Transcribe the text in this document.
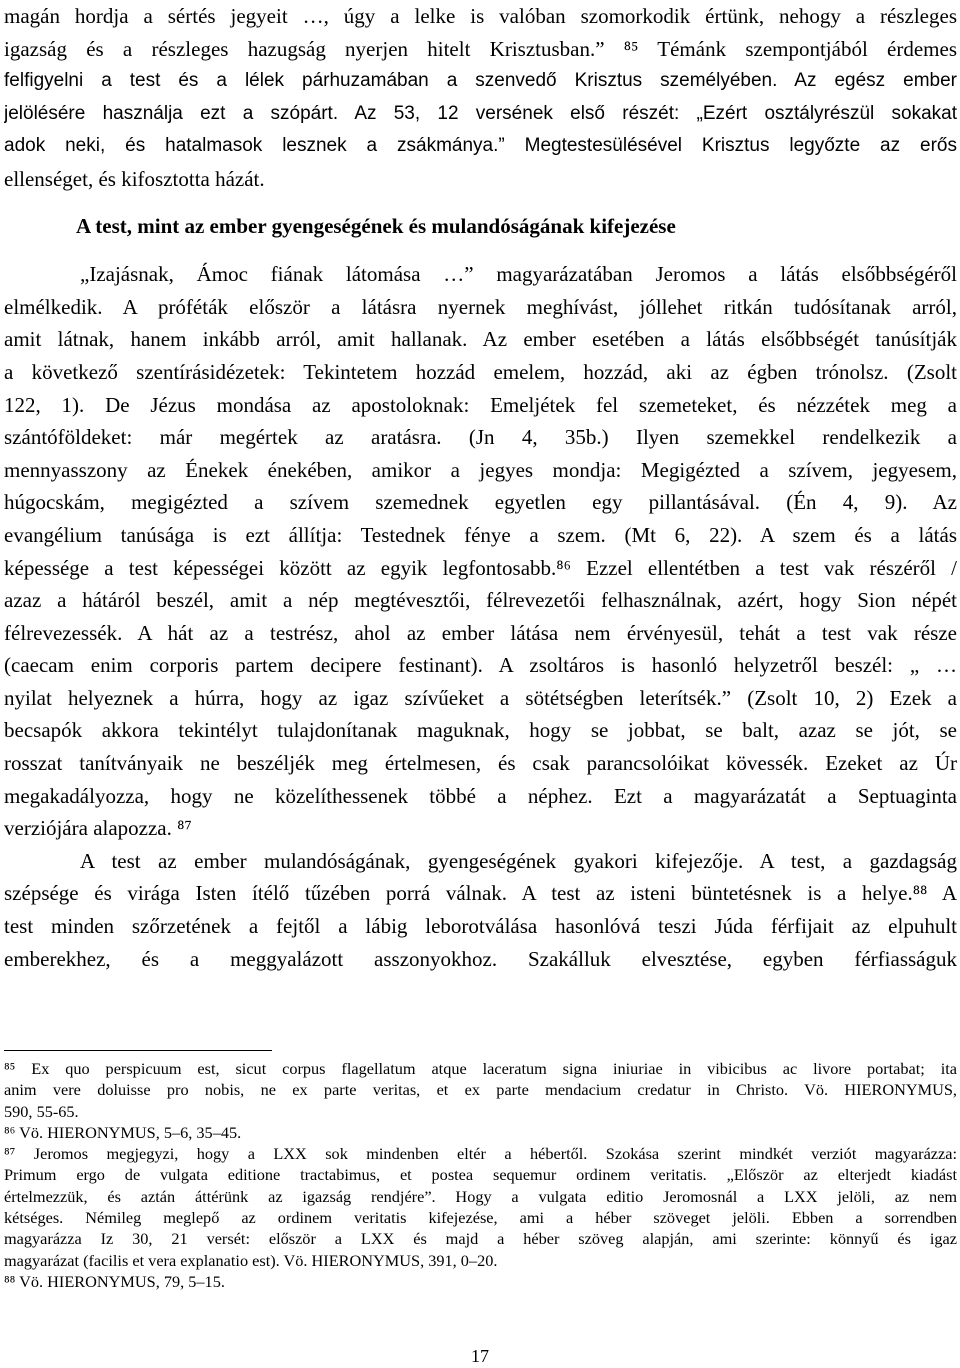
magán hordja a sértés jegyeit …, úgy a lelke is valóban szomorkodik értünk, nehogy a részleges
igazság és a részleges hazugság nyerjen hitelt Krisztusban.” ⁸⁵ Témánk szempontjából érdemes
felfigyelni a test és a lélek párhuzamában a szenvedő Krisztus személyében. Az egész ember
jelölésére használja ezt a szópárt. Az 53, 12 versének első részét: „Ezért osztályrészül sokakat
adok neki, és hatalmasok lesznek a zsákmánya.” Megtestesülésével Krisztus legyőzte az erős
ellenséget, és kifosztotta házát.
A test, mint az ember gyengeségének és mulandóságának kifejezése
„Izajásnak, Ámoc fiának látomása …” magyarázatában Jeromos a látás elsőbbségéről
elmélkedik. A próféták először a látásra nyernek meghívást, jóllehet ritkán tudósítanak arról,
amit látnak, hanem inkább arról, amit hallanak. Az ember esetében a látás elsőbbségét tanúsítják
a következő szentírásidézetek: Tekintetem hozzád emelem, hozzád, aki az égben trónolsz. (Zsolt
122, 1). De Jézus mondása az apostoloknak: Emeljétek fel szemeteket, és nézzétek meg a
szántóföldeket: már megértek az aratásra. (Jn 4, 35b.) Ilyen szemekkel rendelkezik a
mennyasszony az Énekek énekében, amikor a jegyes mondja: Megigézted a szívem, jegyesem,
húgocskám, megigézted a szívem szemednek egyetlen egy pillantásával. (Én 4, 9). Az
evangélium tanúsága is ezt állítja: Testednek fénye a szem. (Mt 6, 22). A szem és a látás
képessége a test képességei között az egyik legfontosabb.⁸⁶ Ezzel ellentétben a test vak részéről /
azaz a hátáról beszél, amit a nép megtévesztői, félrevezetői felhasználnak, azért, hogy Sion népét
félrevezessék. A hát az a testrész, ahol az ember látása nem érvényesül, tehát a test vak része
(caecam enim corporis partem decipere festinant). A zsoltáros is hasonló helyzetről beszél: „ …
nyilat helyeznek a húrra, hogy az igaz szívűeket a sötétségben leterítsék.” (Zsolt 10, 2) Ezek a
becsapók akkora tekintélyt tulajdonítanak maguknak, hogy se jobbat, se balt, azaz se jót, se
rosszat tanítványaik ne beszéljék meg értelmesen, és csak parancsolóikat kövessék. Ezeket az Úr
megakadályozza, hogy ne közelíthessenek többé a néphez. Ezt a magyarázatát a Septuaginta
verziójára alapozza. ⁸⁷
A test az ember mulandóságának, gyengeségének gyakori kifejezője. A test, a gazdagság
szépsége és virága Isten ítélő tűzében porrá válnak. A test az isteni büntetésnek is a helye.⁸⁸ A
test minden szőrzetének a fejtől a lábig leborotválása hasonlóvá teszi Júda férfijait az elpuhult
emberekhez, és a meggyalázott asszonyokhoz. Szakálluk elvesztése, egyben férfiasságuk
⁸⁵ Ex quo perspicuum est, sicut corpus flagellatum atque laceratum signa iniuriae in vibicibus ac livore portabat; ita
anim vere doluisse pro nobis, ne ex parte veritas, et ex parte mendacium credatur in Christo. Vö. HIERONYMUS,
590, 55-65.
⁸⁶ Vö. HIERONYMUS, 5–6, 35–45.
⁸⁷ Jeromos megjegyzi, hogy a LXX sok mindenben eltér a hébertől. Szokása szerint mindkét verziót magyarázza:
Primum ergo de vulgata editione tractabimus, et postea sequemur ordinem veritatis. „Először az elterjedt kiadást
értelmezzük, és aztán áttérünk az igazság rendjére”. Hogy a vulgata editio Jeromosnál a LXX jelöli, az nem
kétséges. Némileg meglepő az ordinem veritatis kifejezése, ami a héber szöveget jelöli. Ebben a sorrendben
magyarázza Iz 30, 21 versét: először a LXX és majd a héber szöveg alapján, ami szerinte: könnyű és igaz
magyarázat (facilis et vera explanatio est). Vö. HIERONYMUS, 391, 0–20.
⁸⁸ Vö. HIERONYMUS, 79, 5–15.
17
